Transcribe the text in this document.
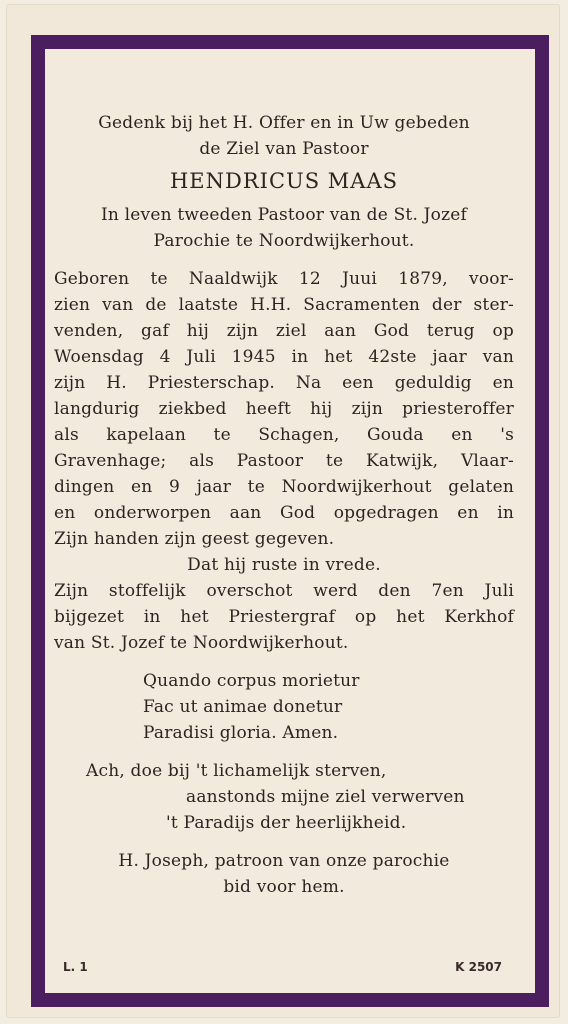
Gedenk bij het H. Offer en in Uw gebeden
de Ziel van Pastoor
HENDRICUS MAAS
In leven tweeden Pastoor van de St. Jozef
Parochie te Noordwijkerhout.
Geboren te Naaldwijk 12 Juui 1879, voor-
zien van de laatste H.H. Sacramenten der ster-
venden, gaf hij zijn ziel aan God terug op
Woensdag 4 Juli 1945 in het 42ste jaar van
zijn H. Priesterschap. Na een geduldig en
langdurig ziekbed heeft hij zijn priesteroffer
als kapelaan te Schagen, Gouda en 's
Gravenhage; als Pastoor te Katwijk, Vlaar-
dingen en 9 jaar te Noordwijkerhout gelaten
en onderworpen aan God opgedragen en in
Zijn handen zijn geest gegeven.
Dat hij ruste in vrede.
Zijn stoffelijk overschot werd den 7en Juli
bijgezet in het Priestergraf op het Kerkhof
van St. Jozef te Noordwijkerhout.
Quando corpus morietur
Fac ut animae donetur
Paradisi gloria. Amen.
Ach, doe bij 't lichamelijk sterven,
aanstonds mijne ziel verwerven
't Paradijs der heerlijkheid.
H. Joseph, patroon van onze parochie
bid voor hem.
L. 1	K 2507
